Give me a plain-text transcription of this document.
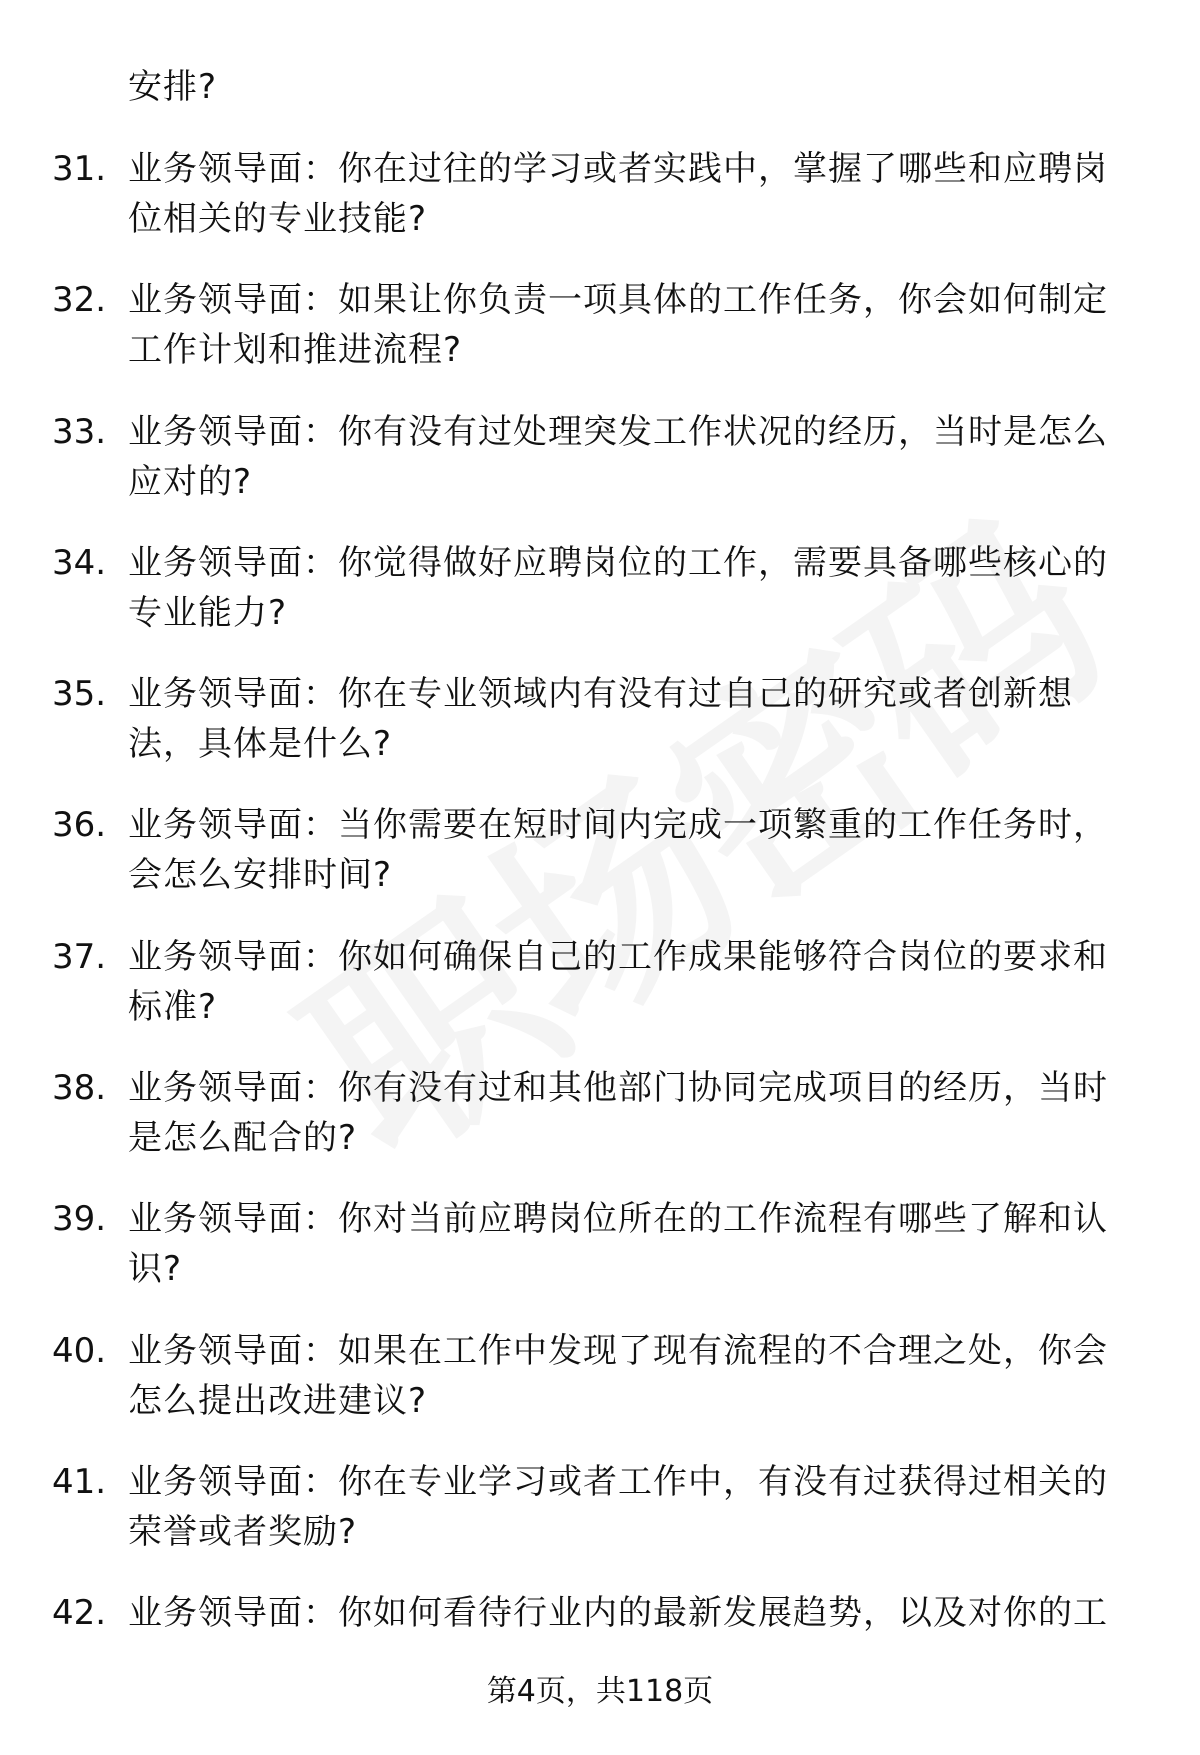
安排?
31. 业务领导面：你在过往的学习或者实践中，掌握了哪些和应聘岗
位相关的专业技能?
32. 业务领导面：如果让你负责一项具体的工作任务，你会如何制定
工作计划和推进流程?
33. 业务领导面：你有没有过处理突发工作状况的经历，当时是怎么
应对的?
34. 业务领导面：你觉得做好应聘岗位的工作，需要具备哪些核心的
专业能力?
35. 业务领导面：你在专业领域内有没有过自己的研究或者创新想
法，具体是什么?
36. 业务领导面：当你需要在短时间内完成一项繁重的工作任务时，
会怎么安排时间?
37. 业务领导面：你如何确保自己的工作成果能够符合岗位的要求和
标准?
38. 业务领导面：你有没有过和其他部门协同完成项目的经历，当时
是怎么配合的?
39. 业务领导面：你对当前应聘岗位所在的工作流程有哪些了解和认
识?
40. 业务领导面：如果在工作中发现了现有流程的不合理之处，你会
怎么提出改进建议?
41. 业务领导面：你在专业学习或者工作中，有没有过获得过相关的
荣誉或者奖励?
42. 业务领导面：你如何看待行业内的最新发展趋势，以及对你的工
第4页，共118页
